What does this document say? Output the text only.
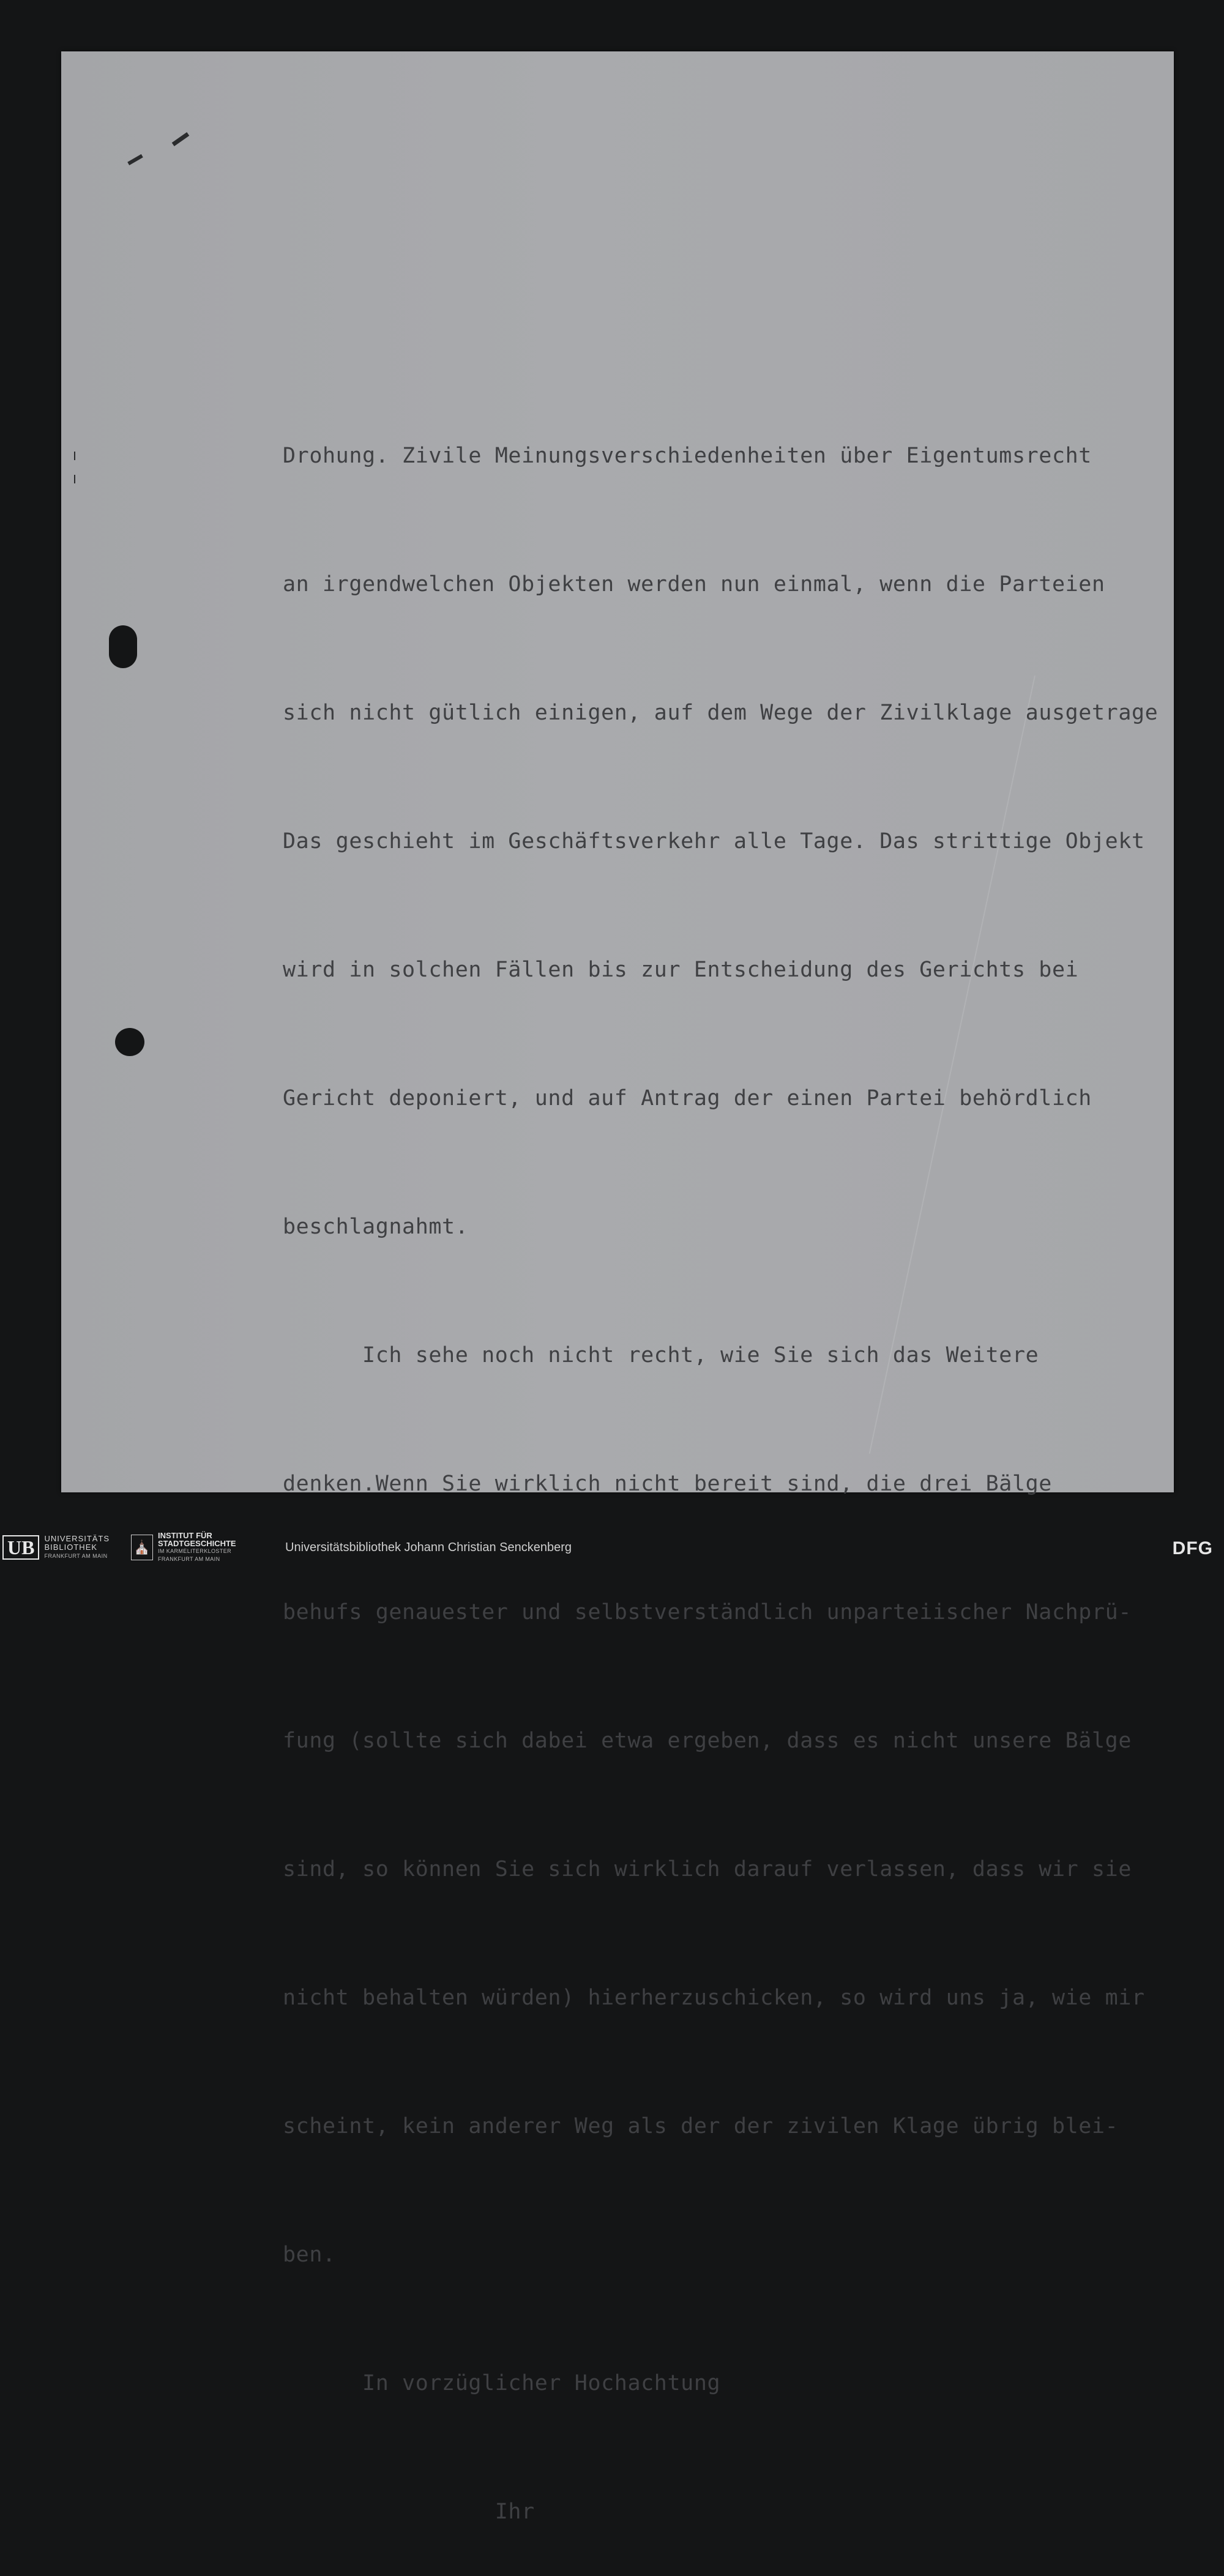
Drohung. Zivile Meinungsverschiedenheiten über Eigentumsrecht

an irgendwelchen Objekten werden nun einmal, wenn die Parteien

sich nicht gütlich einigen, auf dem Wege der Zivilklage ausgetrage

Das geschieht im Geschäftsverkehr alle Tage. Das strittige Objekt

wird in solchen Fällen bis zur Entscheidung des Gerichts bei

Gericht deponiert, und auf Antrag der einen Partei behördlich

beschlagnahmt.

Ich sehe noch nicht recht, wie Sie sich das Weitere

denken.Wenn Sie wirklich nicht bereit sind, die drei Bälge

behufs genauester und selbstverständlich unparteiischer Nachprü-

fung (sollte sich dabei etwa ergeben, dass es nicht unsere Bälge

sind, so können Sie sich wirklich darauf verlassen, dass wir sie

nicht behalten würden) hierherzuschicken, so wird uns ja, wie mir

scheint, kein anderer Weg als der der zivilen Klage übrig blei-

ben.

In vorzüglicher Hochachtung

Ihr

UB	UNIVERSITÄTS
BIBLIOTHEK
FRANKFURT AM MAIN
⛪
INSTITUT FÜR
STADTGESCHICHTE
IM KARMELITERKLOSTER
FRANKFURT AM MAIN
Universitätsbibliothek Johann Christian Senckenberg	DFG
